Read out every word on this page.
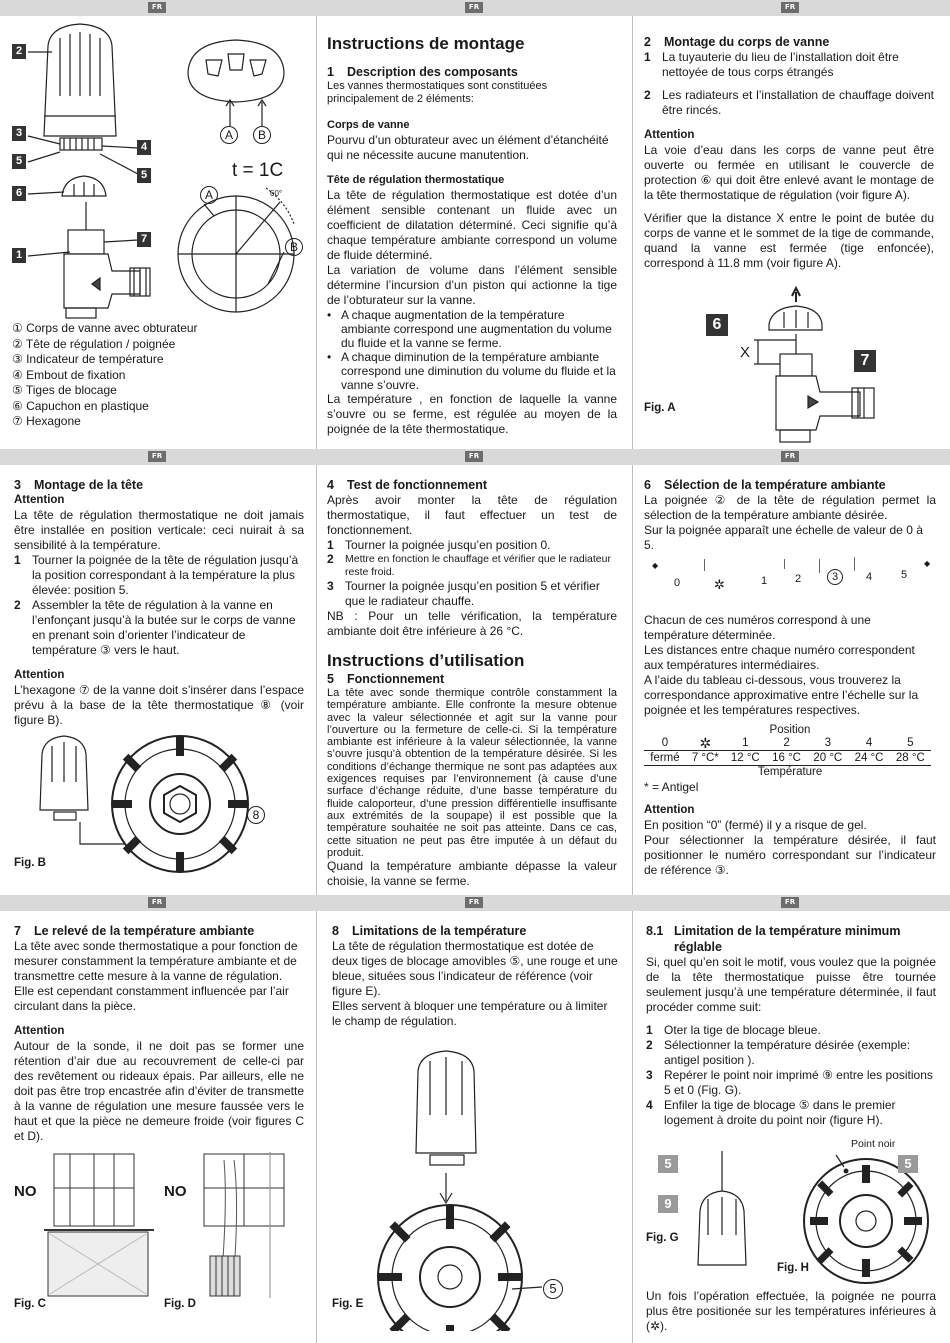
FR	FR	FR
FR	FR	FR
FR	FR	FR
60°
2
3
5
6
1
4
5
7
A	B
A
B
t = 1C
① Corps de vanne avec obturateur
② Tête de régulation / poignée
③ Indicateur de température
④ Embout de fixation
⑤ Tiges de blocage
⑥ Capuchon en plastique
⑦ Hexagone
Instructions de montage
1 Description des composants
Les vannes thermostatiques sont constituées principalement de 2 éléments:
Corps de vanne
Pourvu d’un obturateur avec un élément d’étanchéité qui ne nécessite aucune manutention.
Tête de régulation thermostatique
La tête de régulation thermostatique est dotée d’un élément sensible contenant un fluide avec un coefficient de dilatation déterminé. Ceci signifie qu’à chaque température ambiante correspond un volume de fluide déterminé.
La variation de volume dans l’élément sensible détermine l’incursion d’un piston qui actionne la tige de l’obturateur sur la vanne.
• A chaque augmentation de la température ambiante correspond une augmentation du volume du fluide et la vanne se ferme.
• A chaque diminution de la température ambiante correspond une diminution du volume du fluide et la vanne s’ouvre.
La température , en fonction de laquelle la vanne s’ouvre ou se ferme, est régulée au moyen de la poignée de la tête thermostatique.
2 Montage du corps de vanne
1 La tuyauterie du lieu de l’installation doit être nettoyée de tous corps étrangés
2 Les radiateurs et l’installation de chauffage doivent être rincés.
Attention
La voie d’eau dans les corps de vanne peut être ouverte ou fermée en utilisant le couvercle de protection ⑥ qui doit être enlevé avant le montage de la tête thermostatique de régulation (voir figure A).
Vérifier que la distance X entre le point de butée du corps de vanne et le sommet de la tige de commande, quand la vanne est fermée (tige enfoncée), correspond à 11.8 mm (voir figure A).
6
7
X
Fig. A
3 Montage de la tête
Attention
La tête de régulation thermostatique ne doit jamais être installée en position verticale: ceci nuirait à sa sensibilité à la température.
1 Tourner la poignée de la tête de régulation jusqu’à la position correspondant à la température la plus élevée: position 5.
2 Assembler la tête de régulation à la vanne en l’enfonçant jusqu’à la butée sur le corps de vanne en prenant soin d’orienter l’indicateur de température ③ vers le haut.
Attention
L’hexagone ⑦ de la vanne doit s’insérer dans l’espace prévu à la base de la tête thermostatique ⑧ (voir figure B).
8
Fig. B
4 Test de fonctionnement
Après avoir monter la tête de régulation thermostatique, il faut effectuer un test de fonctionnement.
1 Tourner la poignée jusqu’en position 0.
2	Mettre en fonction le chauffage et vérifier que le radiateur reste froid.
3 Tourner la poignée jusqu’en position 5 et vérifier que le radiateur chauffe.
NB : Pour un telle vérification, la température ambiante doit être inférieure à 26 °C.
Instructions d’utilisation
5 Fonctionnement
La tête avec sonde thermique contrôle constamment la température ambiante. Elle confronte la mesure obtenue avec la valeur sélectionnée et agit sur la vanne pour l’ouverture ou la fermeture de celle-ci. Si la température ambiante est inférieure à la valeur sélectionnée, la vanne s’ouvre jusqu’à obtention de la température désirée. Si les conditions d’échange thermique ne sont pas adaptées aux exigences requises par l’environnement (à cause d’une surface d’échange réduite, d’une basse température du fluide caloporteur, d’une pression différentielle insuffisante aux extrémités de la soupape) il est possible que la température souhaitée ne soit pas atteinte. Dans ce cas, cette situation ne peut pas être imputée à un défaut du produit.
Quand la température ambiante dépasse la valeur choisie, la vanne se ferme.
6 Sélection de la température ambiante
La poignée ② de la tête de régulation permet la sélection de la température ambiante désirée.
Sur la poignée apparaît une échelle de valeur de 0 à 5.
◆
0	✲	1	2	3	4	5
◆
Chacun de ces numéros correspond à une température déterminée.
Les distances entre chaque numéro correspondent aux températures intermédiaires.
A l’aide du tableau ci-dessous, vous trouverez la correspondance approximative entre l’échelle sur la poignée et les températures respectives.
Position
0	✲	1	2	3	4	5
fermé	7 °C*	12 °C	16 °C	20 °C	24 °C	28 °C
Température
* = Antigel
Attention
En position “0” (fermé) il y a risque de gel.
Pour sélectionner la température désirée, il faut positionner le numéro correspondant sur l’indicateur de référence ③.
7 Le relevé de la température ambiante
La tête avec sonde thermostatique a pour fonction de mesurer constamment la température ambiante et de transmettre cette mesure à la vanne de régulation. Elle est cependant constamment influencée par l’air circulant dans la pièce.
Attention
Autour de la sonde, il ne doit pas se former une rétention d’air due au recouvrement de celle-ci par des revêtement ou rideaux épais. Par ailleurs, elle ne doit pas être trop encastrée afin d’éviter de transmette à la vanne de régulation une mesure faussée vers le haut et que la pièce ne demeure froide (voir figures C et D).
NO	NO
Fig. C	Fig. D
8 Limitations de la température
La tête de régulation thermostatique est dotée de deux tiges de blocage amovibles ⑤, une rouge et une bleue, situées sous l’indicateur de référence (voir figure E).
Elles servent à bloquer une température ou à limiter le champ de régulation.
5
Fig. E
8.1 Limitation de la température minimum réglable
Si, quel qu’en soit le motif, vous voulez que la poignée de la tête thermostatique puisse être tournée seulement jusqu’à une température déterminée, il faut procéder comme suit:
1 Oter la tige de blocage bleue.
2 Sélectionner la température désirée (exemple: antigel position ).
3 Repérer le point noir imprimé ⑨ entre les positions 5 et 0 (Fig. G).
4 Enfiler la tige de blocage ⑤ dans le premier logement à droite du point noir (figure H).
Point noir
5
9
5
Fig. G
Fig. H
Un fois l’opération effectuée, la poignée ne pourra plus être positionée sur les températures inférieures à (✲).
